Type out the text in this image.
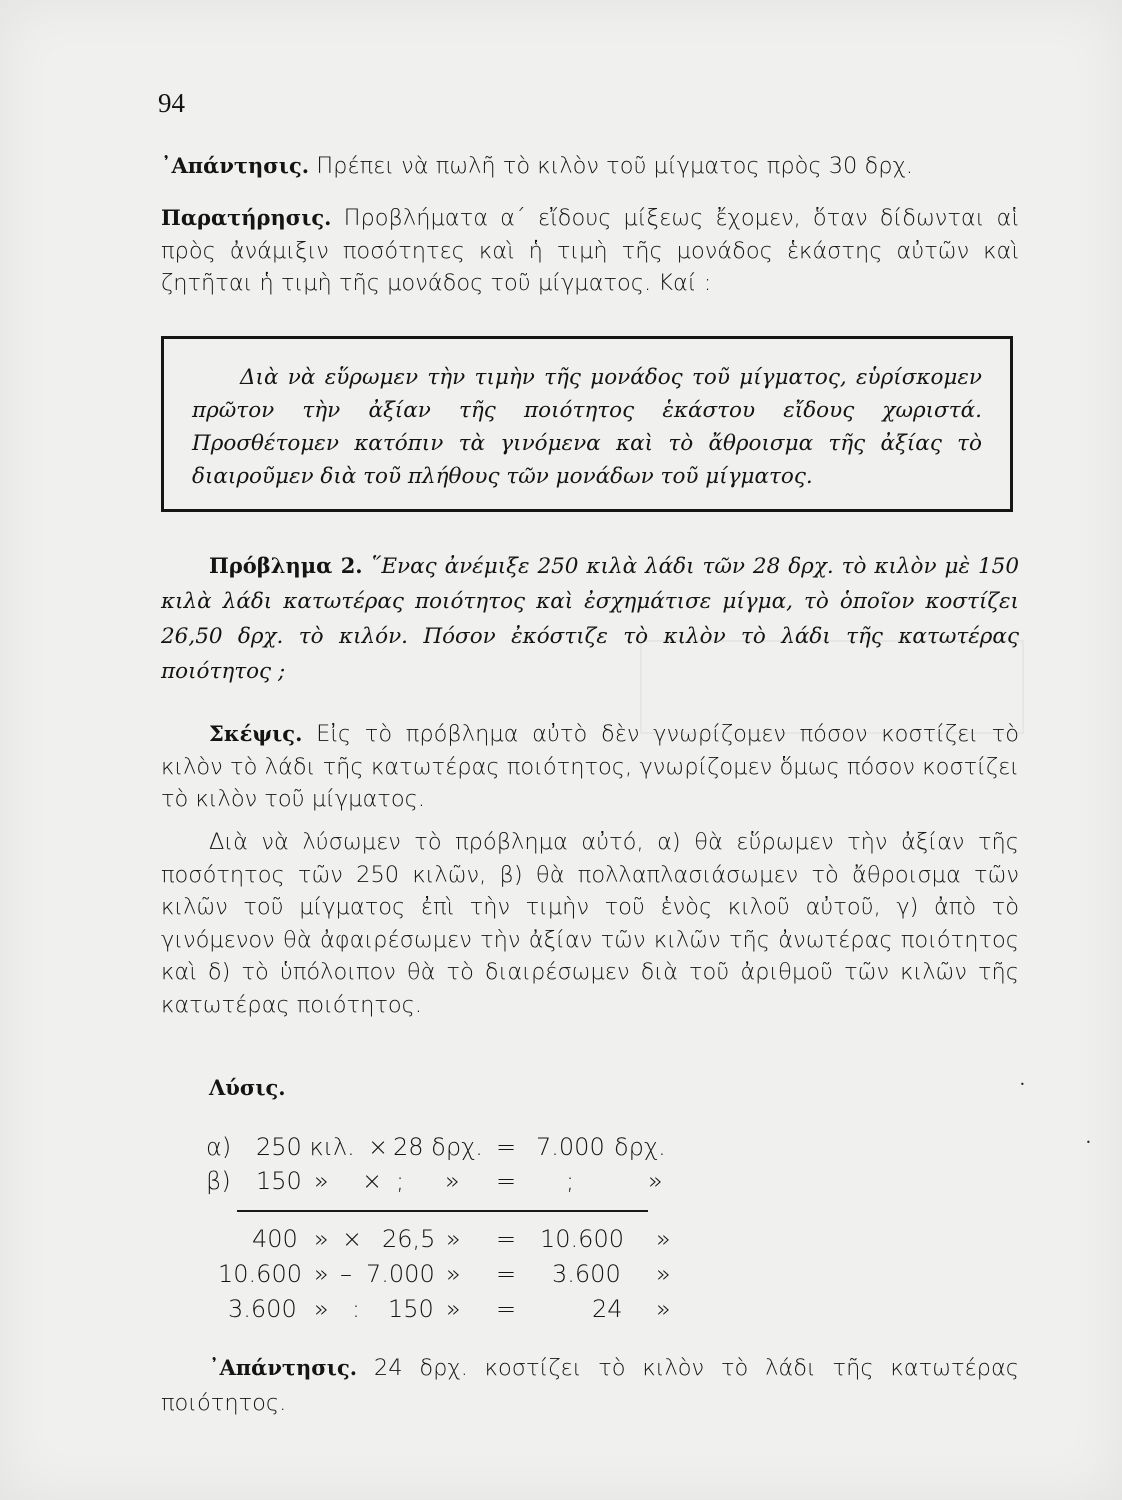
94
᾿Απάντησις. Πρέπει νὰ πωλῆ τὸ κιλὸν τοῦ μίγματος πρὸς 30 δρχ.
Παρατήρησις. Προβλήματα α΄ εἴδους μίξεως ἔχομεν, ὅταν δίδωνται αἱ πρὸς ἀνάμιξιν ποσότητες καὶ ἡ τιμὴ τῆς μονάδος ἑκάστης αὐτῶν καὶ ζητῆται ἡ τιμὴ τῆς μονάδος τοῦ μίγματος. Καί :
Διὰ νὰ εὕρωμεν τὴν τιμὴν τῆς μονάδος τοῦ μίγματος, εὑρίσκομεν πρῶτον τὴν ἀξίαν τῆς ποιότητος ἑκάστου εἴδους χωριστά. Προσθέτομεν κατόπιν τὰ γινόμενα καὶ τὸ ἄθροισμα τῆς ἀξίας τὸ διαιροῦμεν διὰ τοῦ πλήθους τῶν μονάδων τοῦ μίγματος.
Πρόβλημα 2. ῞Ενας ἀνέμιξε 250 κιλὰ λάδι τῶν 28 δρχ. τὸ κιλὸν μὲ 150 κιλὰ λάδι κατωτέρας ποιότητος καὶ ἐσχημάτισε μίγμα, τὸ ὁποῖον κοστίζει 26,50 δρχ. τὸ κιλόν. Πόσον ἐκόστιζε τὸ κιλὸν τὸ λάδι τῆς κατωτέρας ποιότητος ;
Σκέψις. Εἰς τὸ πρόβλημα αὐτὸ δὲν γνωρίζομεν πόσον κοστίζει τὸ κιλὸν τὸ λάδι τῆς κατωτέρας ποιότητος, γνωρίζομεν ὅμως πόσον κοστίζει τὸ κιλὸν τοῦ μίγματος.
Διὰ νὰ λύσωμεν τὸ πρόβλημα αὐτό, α) θὰ εὕρωμεν τὴν ἀξίαν τῆς ποσότητος τῶν 250 κιλῶν, β) θὰ πολλαπλασιάσωμεν τὸ ἄθροισμα τῶν κιλῶν τοῦ μίγματος ἐπὶ τὴν τιμὴν τοῦ ἑνὸς κιλοῦ αὐτοῦ, γ) ἀπὸ τὸ γινόμενον θὰ ἀφαιρέσωμεν τὴν ἀξίαν τῶν κιλῶν τῆς ἀνωτέρας ποιότητος καὶ δ) τὸ ὑπόλοιπον θὰ τὸ διαιρέσωμεν διὰ τοῦ ἀριθμοῦ τῶν κιλῶν τῆς κατωτέρας ποιότητος.
Λύσις.
α) 250 κιλ. × 28 δρχ. = 7.000 δρχ.
β) 150 » × ; » = ;	»
400 » × 26,5 » = 10.600 »
10.600 » – 7.000 » = 3.600 »
3.600 » : 150 » =	24 »
᾿Απάντησις. 24 δρχ. κοστίζει τὸ κιλὸν τὸ λάδι τῆς κατωτέρας ποιότητος.
•
•
